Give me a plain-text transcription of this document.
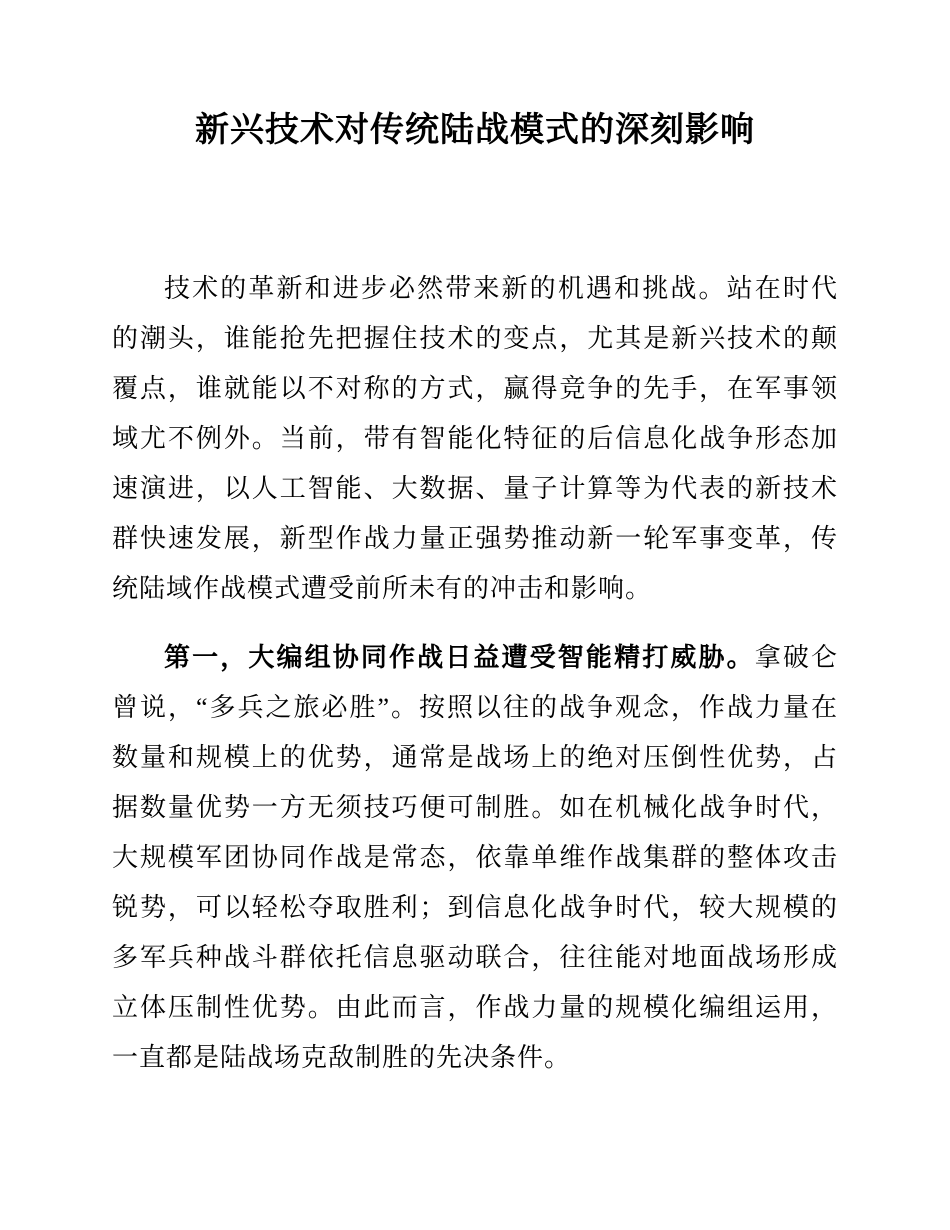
新兴技术对传统陆战模式的深刻影响

技术的革新和进步必然带来新的机遇和挑战。站在时代的潮头，谁能抢先把握住技术的变点，尤其是新兴技术的颠覆点，谁就能以不对称的方式，赢得竞争的先手，在军事领域尤不例外。当前，带有智能化特征的后信息化战争形态加速演进，以人工智能、大数据、量子计算等为代表的新技术群快速发展，新型作战力量正强势推动新一轮军事变革，传统陆域作战模式遭受前所未有的冲击和影响。

第一，大编组协同作战日益遭受智能精打威胁。拿破仑曾说，“多兵之旅必胜”。按照以往的战争观念，作战力量在数量和规模上的优势，通常是战场上的绝对压倒性优势，占据数量优势一方无须技巧便可制胜。如在机械化战争时代，大规模军团协同作战是常态，依靠单维作战集群的整体攻击锐势，可以轻松夺取胜利；到信息化战争时代，较大规模的多军兵种战斗群依托信息驱动联合，往往能对地面战场形成立体压制性优势。由此而言，作战力量的规模化编组运用，一直都是陆战场克敌制胜的先决条件。
